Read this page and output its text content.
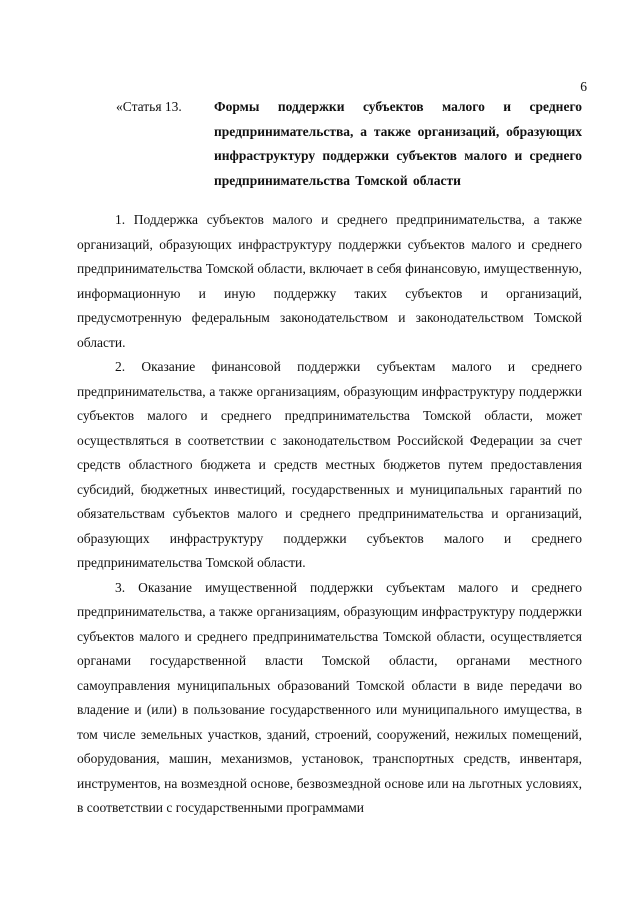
6
«Статья 13. Формы поддержки субъектов малого и среднего предпринимательства, а также организаций, образующих инфраструктуру поддержки субъектов малого и среднего предпринимательства Томской области

1. Поддержка субъектов малого и среднего предпринимательства, а также организаций, образующих инфраструктуру поддержки субъектов малого и среднего предпринимательства Томской области, включает в себя финансовую, имущественную, информационную и иную поддержку таких субъектов и организаций, предусмотренную федеральным законодательством и законодательством Томской области.

2. Оказание финансовой поддержки субъектам малого и среднего предпринимательства, а также организациям, образующим инфраструктуру поддержки субъектов малого и среднего предпринимательства Томской области, может осуществляться в соответствии с законодательством Российской Федерации за счет средств областного бюджета и средств местных бюджетов путем предоставления субсидий, бюджетных инвестиций, государственных и муниципальных гарантий по обязательствам субъектов малого и среднего предпринимательства и организаций, образующих инфраструктуру поддержки субъектов малого и среднего предпринимательства Томской области.

3. Оказание имущественной поддержки субъектам малого и среднего предпринимательства, а также организациям, образующим инфраструктуру поддержки субъектов малого и среднего предпринимательства Томской области, осуществляется органами государственной власти Томской области, органами местного самоуправления муниципальных образований Томской области в виде передачи во владение и (или) в пользование государственного или муниципального имущества, в том числе земельных участков, зданий, строений, сооружений, нежилых помещений, оборудования, машин, механизмов, установок, транспортных средств, инвентаря, инструментов, на возмездной основе, безвозмездной основе или на льготных условиях, в соответствии с государственными программами
